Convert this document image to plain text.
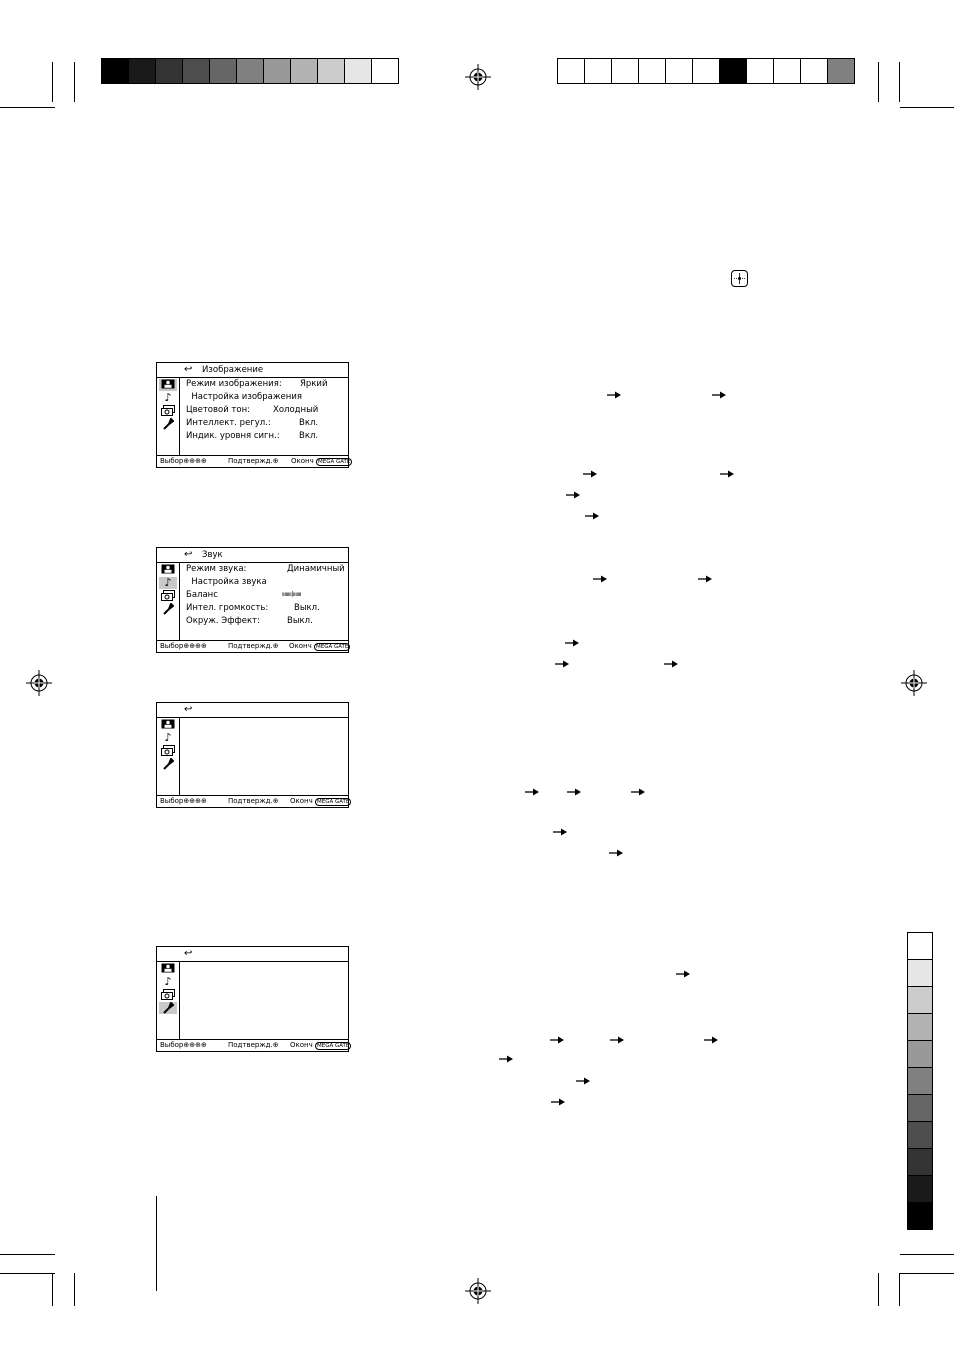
↩ Изображение
♪
Режим изображения: Яркий
Настройка изображения
Цветовой тон:	Холодный
Интеллект. регул.:	Вкл.
Индик. уровня сигн.: Вкл.
Выбор⊕⊕⊕⊕	Подтвержд.⊕ Оконч MEGA GATE
↩ Звук
♪
Режим звука:	Динамичный
Настройка звука
Баланс	ıııııııı|ııııııı
Интел. громкость:	Выкл.
Окруж. Эффект:	Выкл.
Выбор⊕⊕⊕⊕	Подтвержд.⊕ Оконч MEGA GATE
↩
♪
Выбор⊕⊕⊕⊕	Подтвержд.⊕ Оконч MEGA GATE
↩
♪
Выбор⊕⊕⊕⊕	Подтвержд.⊕ Оконч MEGA GATE
